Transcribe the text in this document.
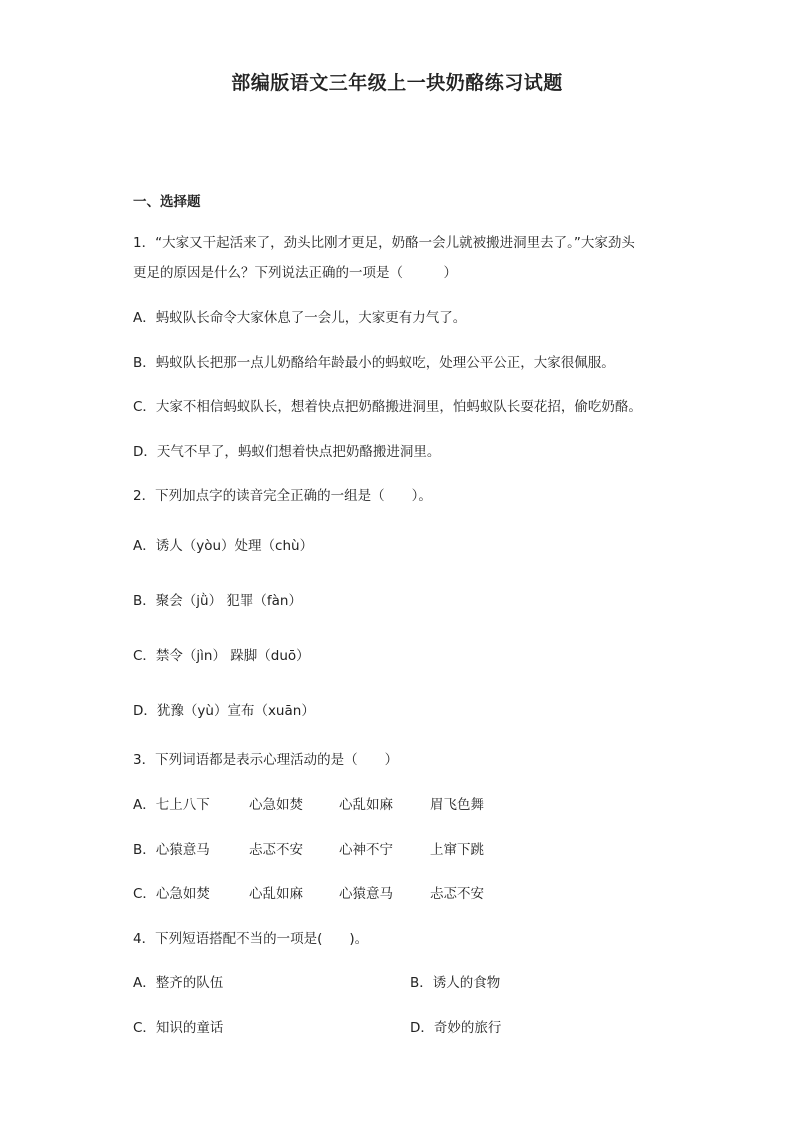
部编版语文三年级上一块奶酪练习试题
一、选择题
1．“大家又干起活来了，劲头比刚才更足，奶酪一会儿就被搬进洞里去了。”大家劲头
更足的原因是什么？下列说法正确的一项是（　　　）
A．蚂蚁队长命令大家休息了一会儿，大家更有力气了。
B．蚂蚁队长把那一点儿奶酪给年龄最小的蚂蚁吃，处理公平公正，大家很佩服。
C．大家不相信蚂蚁队长，想着快点把奶酪搬进洞里，怕蚂蚁队长耍花招，偷吃奶酪。
D．天气不早了，蚂蚁们想着快点把奶酪搬进洞里。
2．下列加点字的读音完全正确的一组是（　　）。
A．诱人（yòu）处理（chù）
B．聚会（jǜ） 犯罪（fàn）
C．禁令（jìn） 跺脚（duō）
D．犹豫（yù）宣布（xuān）
3．下列词语都是表示心理活动的是（　　）
A．七上八下	心急如焚	心乱如麻	眉飞色舞
B．心猿意马	忐忑不安	心神不宁	上窜下跳
C．心急如焚	心乱如麻	心猿意马	忐忑不安
4．下列短语搭配不当的一项是(　　)。
A．整齐的队伍	B．诱人的食物
C．知识的童话	D．奇妙的旅行
